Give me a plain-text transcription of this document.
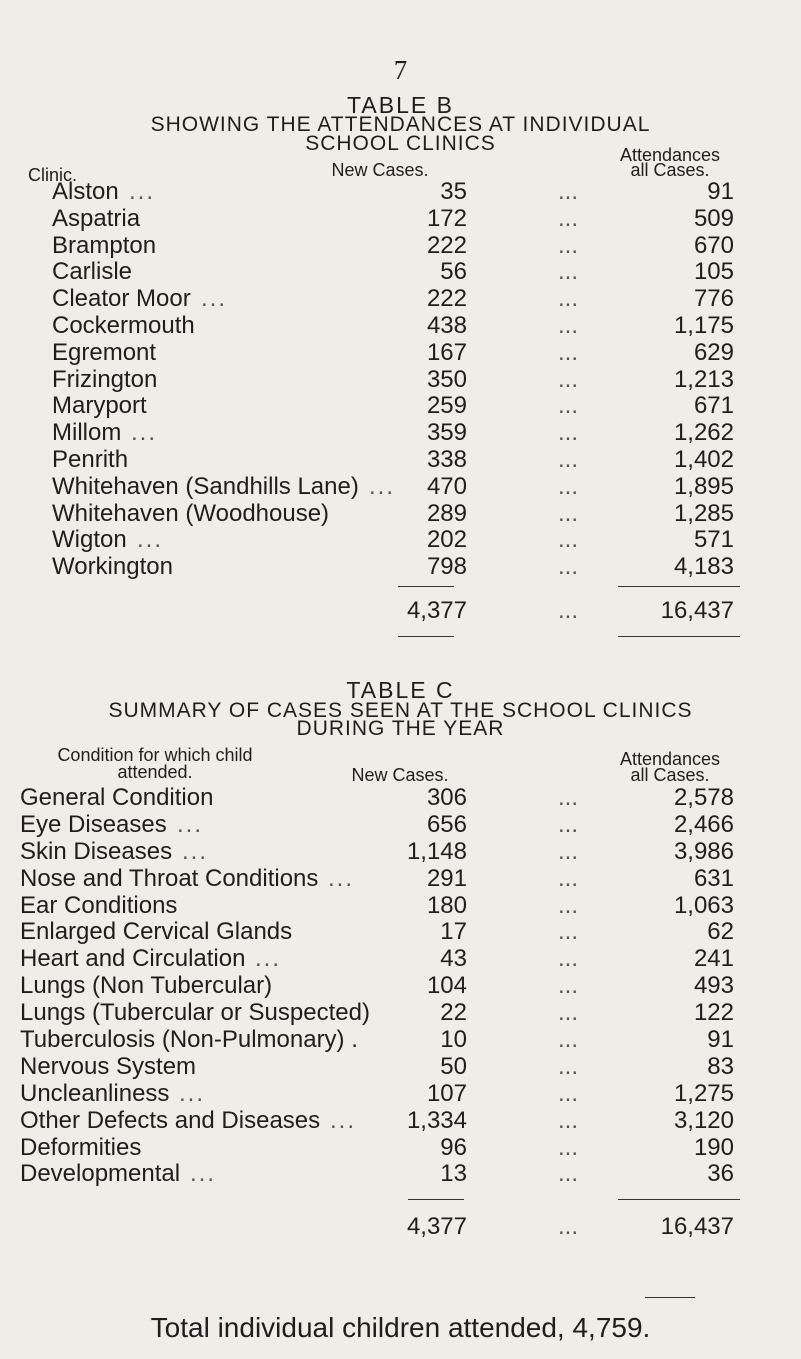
7
TABLE B
SHOWING THE ATTENDANCES AT INDIVIDUAL
SCHOOL CLINICS
Clinic.	New Cases.
Attendances
all Cases.
Alston ...	35	...	91
Aspatria	172	...	509
Brampton	222	...	670
Carlisle	56	...	105
Cleator Moor ...	222	...	776
Cockermouth	438	...	1,175
Egremont	167	...	629
Frizington	350	...	1,213
Maryport	259	...	671
Millom ...	359	...	1,262
Penrith	338	...	1,402
Whitehaven (Sandhills Lane) ...	470	...	1,895
Whitehaven (Woodhouse)	289	...	1,285
Wigton ...	202	...	571
Workington	798	...	4,183
4,377	...	16,437
TABLE C
SUMMARY OF CASES SEEN AT THE SCHOOL CLINICS
DURING THE YEAR
Condition for which child
attended.	New Cases.
Attendances
all Cases.
General Condition	306	...	2,578
Eye Diseases ...	656	...	2,466
Skin Diseases ...	1,148	...	3,986
Nose and Throat Conditions ...	291	...	631
Ear Conditions	180	...	1,063
Enlarged Cervical Glands	17	...	62
Heart and Circulation ...	43	...	241
Lungs (Non Tubercular)	104	...	493
Lungs (Tubercular or Suspected)	22	...	122
Tuberculosis (Non-Pulmonary) .	10	...	91
Nervous System	50	...	83
Uncleanliness ...	107	...	1,275
Other Defects and Diseases ...	1,334	...	3,120
Deformities	96	...	190
Developmental ...	13	...	36
4,377	...	16,437
Total individual children attended, 4,759.
